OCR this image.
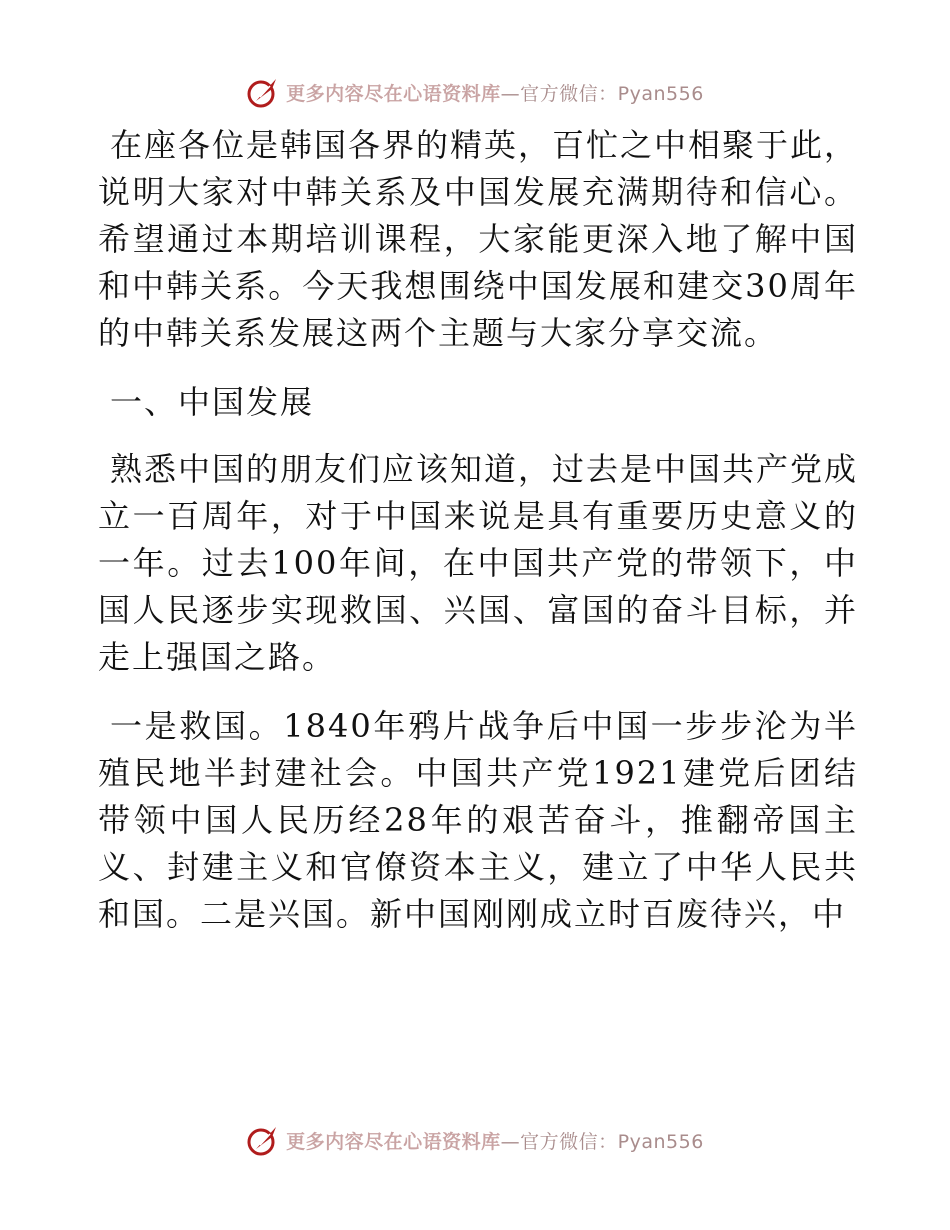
更多内容尽在心语资料库 —官方微信：Pyan556

在座各位是韩国各界的精英，百忙之中相聚于此，说明大家对中韩关系及中国发展充满期待和信心。希望通过本期培训课程，大家能更深入地了解中国和中韩关系。今天我想围绕中国发展和建交30周年的中韩关系发展这两个主题与大家分享交流。

一、中国发展

熟悉中国的朋友们应该知道，过去是中国共产党成立一百周年，对于中国来说是具有重要历史意义的一年。过去100年间，在中国共产党的带领下，中国人民逐步实现救国、兴国、富国的奋斗目标，并走上强国之路。

一是救国。1840年鸦片战争后中国一步步沦为半殖民地半封建社会。中国共产党1921建党后团结带领中国人民历经28年的艰苦奋斗，推翻帝国主义、封建主义和官僚资本主义，建立了中华人民共和国。二是兴国。新中国刚刚成立时百废待兴，中

更多内容尽在心语资料库 —官方微信：Pyan556
